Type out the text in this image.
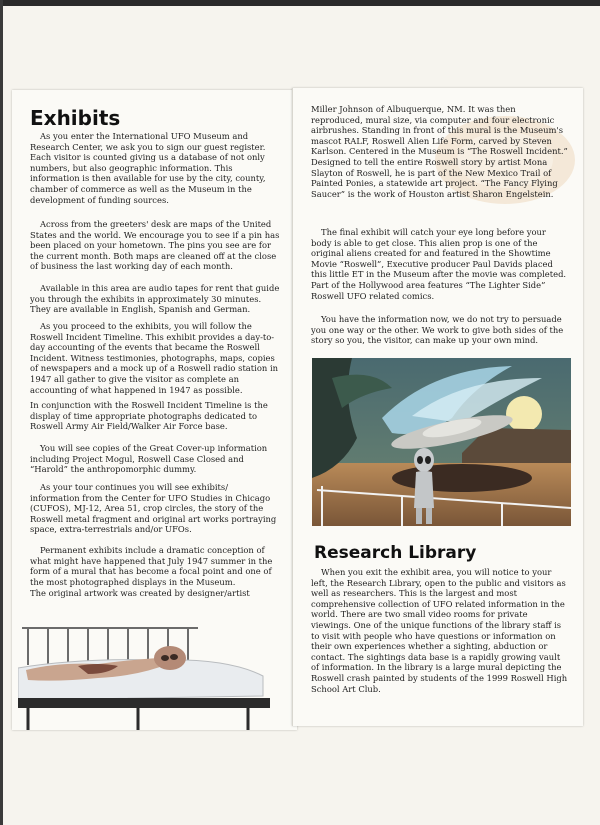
Exhibits

As you enter the International UFO Museum and Research Center, we ask you to sign our guest register. Each visitor is counted giving us a database of not only numbers, but also geographic information. This information is then available for use by the city, county, chamber of commerce as well as the Museum in the development of funding sources.

Across from the greeters' desk are maps of the United States and the world. We encourage you to see if a pin has been placed on your hometown. The pins you see are for the current month. Both maps are cleaned off at the close of business the last working day of each month.

Available in this area are audio tapes for rent that guide you through the exhibits in approximately 30 minutes. They are available in English, Spanish and German.

As you proceed to the exhibits, you will follow the Roswell Incident Timeline. This exhibit provides a day-to-day accounting of the events that became the Roswell Incident. Witness testimonies, photographs, maps, copies of newspapers and a mock up of a Roswell radio station in 1947 all gather to give the visitor as complete an accounting of what happened in 1947 as possible.

In conjunction with the Roswell Incident Timeline is the display of time appropriate photographs dedicated to Roswell Army Air Field/Walker Air Force base.

You will see copies of the Great Cover-up information including Project Mogul, Roswell Case Closed and “Harold” the anthropomorphic dummy.

As your tour continues you will see exhibits/ information from the Center for UFO Studies in Chicago (CUFOS), MJ-12, Area 51, crop circles, the story of the Roswell metal fragment and original art works portraying space, extra-terrestrials and/or UFOs.

Permanent exhibits include a dramatic conception of what might have happened that July 1947 summer in the form of a mural that has become a focal point and one of the most photographed displays in the Museum.

The original artwork was created by designer/artist

Miller Johnson of Albuquerque, NM. It was then reproduced, mural size, via computer and four electronic airbrushes. Standing in front of this mural is the Museum's mascot RALF, Roswell Alien Life Form, carved by Steven Karlson. Centered in the Museum is “The Roswell Incident.” Designed to tell the entire Roswell story by artist Mona Slayton of Roswell, he is part of the New Mexico Trail of Painted Ponies, a statewide art project. “The Fancy Flying Saucer” is the work of Houston artist Sharon Engelstein.

The final exhibit will catch your eye long before your body is able to get close. This alien prop is one of the original aliens created for and featured in the Showtime Movie “Roswell”, Executive producer Paul Davids placed this little ET in the Museum after the movie was completed. Part of the Hollywood area features “The Lighter Side” Roswell UFO related comics.

You have the information now, we do not try to persuade you one way or the other. We work to give both sides of the story so you, the visitor, can make up your own mind.

Research Library

When you exit the exhibit area, you will notice to your left, the Research Library, open to the public and visitors as well as researchers. This is the largest and most comprehensive collection of UFO related information in the world. There are two small video rooms for private viewings. One of the unique functions of the library staff is to visit with people who have questions or information on their own experiences whether a sighting, abduction or contact. The sightings data base is a rapidly growing vault of information. In the library is a large mural depicting the Roswell crash painted by students of the 1999 Roswell High School Art Club.
